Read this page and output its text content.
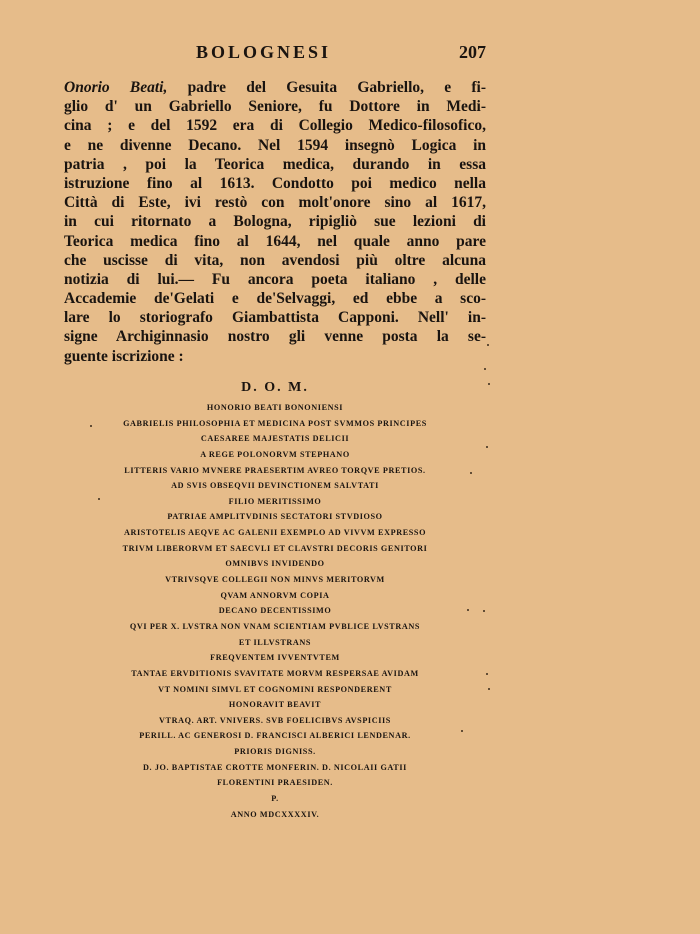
BOLOGNESI	207
Onorio Beati, padre del Gesuita Gabriello, e fi-
glio d' un Gabriello Seniore, fu Dottore in Medi-
cina ; e del 1592 era di Collegio Medico-filosofico,
e ne divenne Decano. Nel 1594 insegnò Logica in
patria , poi la Teorica medica, durando in essa
istruzione fino al 1613. Condotto poi medico nella
Città di Este, ivi restò con molt'onore sino al 1617,
in cui ritornato a Bologna, ripigliò sue lezioni di
Teorica medica fino al 1644, nel quale anno pare
che uscisse di vita, non avendosi più oltre alcuna
notizia di lui.— Fu ancora poeta italiano , delle
Accademie de'Gelati e de'Selvaggi, ed ebbe a sco-
lare lo storiografo Giambattista Capponi. Nell' in-
signe Archiginnasio nostro gli venne posta la se-
guente iscrizione :
D. O. M.
HONORIO BEATI BONONIENSI
GABRIELIS PHILOSOPHIA ET MEDICINA POST SVMMOS PRINCIPES
CAESAREE MAJESTATIS DELICII
A REGE POLONORVM STEPHANO
LITTERIS VARIO MVNERE PRAESERTIM AVREO TORQVE PRETIOS.
AD SVIS OBSEQVII DEVINCTIONEM SALVTATI
FILIO MERITISSIMO
PATRIAE AMPLITVDINIS SECTATORI STVDIOSO
ARISTOTELIS AEQVE AC GALENII EXEMPLO AD VIVVM EXPRESSO
TRIVM LIBERORVM ET SAECVLI ET CLAVSTRI DECORIS GENITORI
OMNIBVS INVIDENDO
VTRIVSQVE COLLEGII NON MINVS MERITORVM
QVAM ANNORVM COPIA
DECANO DECENTISSIMO
QVI PER X. LVSTRA NON VNAM SCIENTIAM PVBLICE LVSTRANS
ET ILLVSTRANS
FREQVENTEM IVVENTVTEM
TANTAE ERVDITIONIS SVAVITATE MORVM RESPERSAE AVIDAM
VT NOMINI SIMVL ET COGNOMINI RESPONDERENT
HONORAVIT BEAVIT
VTRAQ. ART. VNIVERS. SVB FOELICIBVS AVSPICIIS
PERILL. AC GENEROSI D. FRANCISCI ALBERICI LENDENAR.
PRIORIS DIGNISS.
D. JO. BAPTISTAE CROTTE MONFERIN. D. NICOLAII GATII
FLORENTINI PRAESIDEN.
P.
ANNO MDCXXXXIV.
